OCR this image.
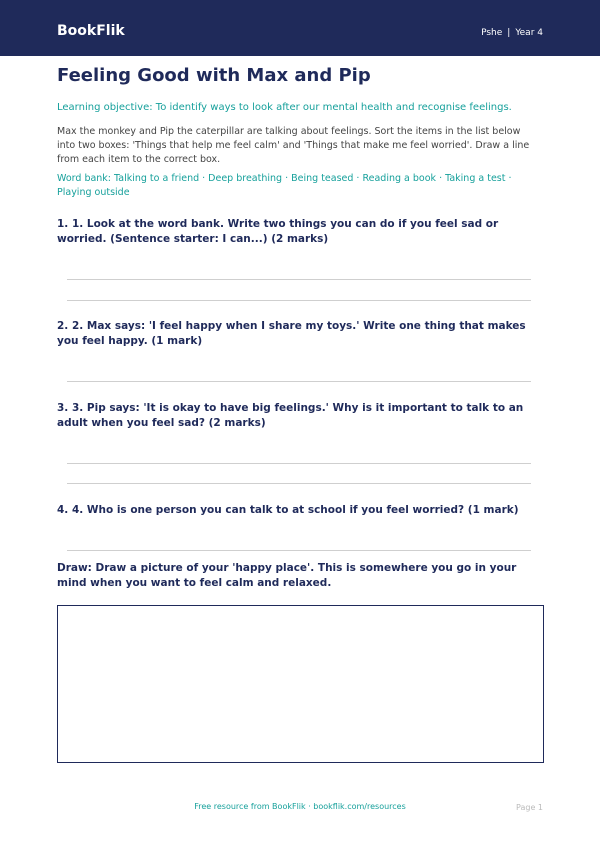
BookFlik	Pshe | Year 4
Feeling Good with Max and Pip
Learning objective: To identify ways to look after our mental health and recognise feelings.
Max the monkey and Pip the caterpillar are talking about feelings. Sort the items in the list below into two boxes: 'Things that help me feel calm' and 'Things that make me feel worried'. Draw a line from each item to the correct box.
Word bank: Talking to a friend · Deep breathing · Being teased · Reading a book · Taking a test · Playing outside
1. 1. Look at the word bank. Write two things you can do if you feel sad or worried. (Sentence starter: I can...) (2 marks)
2. 2. Max says: 'I feel happy when I share my toys.' Write one thing that makes you feel happy. (1 mark)
3. 3. Pip says: 'It is okay to have big feelings.' Why is it important to talk to an adult when you feel sad? (2 marks)
4. 4. Who is one person you can talk to at school if you feel worried? (1 mark)
Draw: Draw a picture of your 'happy place'. This is somewhere you go in your mind when you want to feel calm and relaxed.
Free resource from BookFlik · bookflik.com/resources	Page 1
